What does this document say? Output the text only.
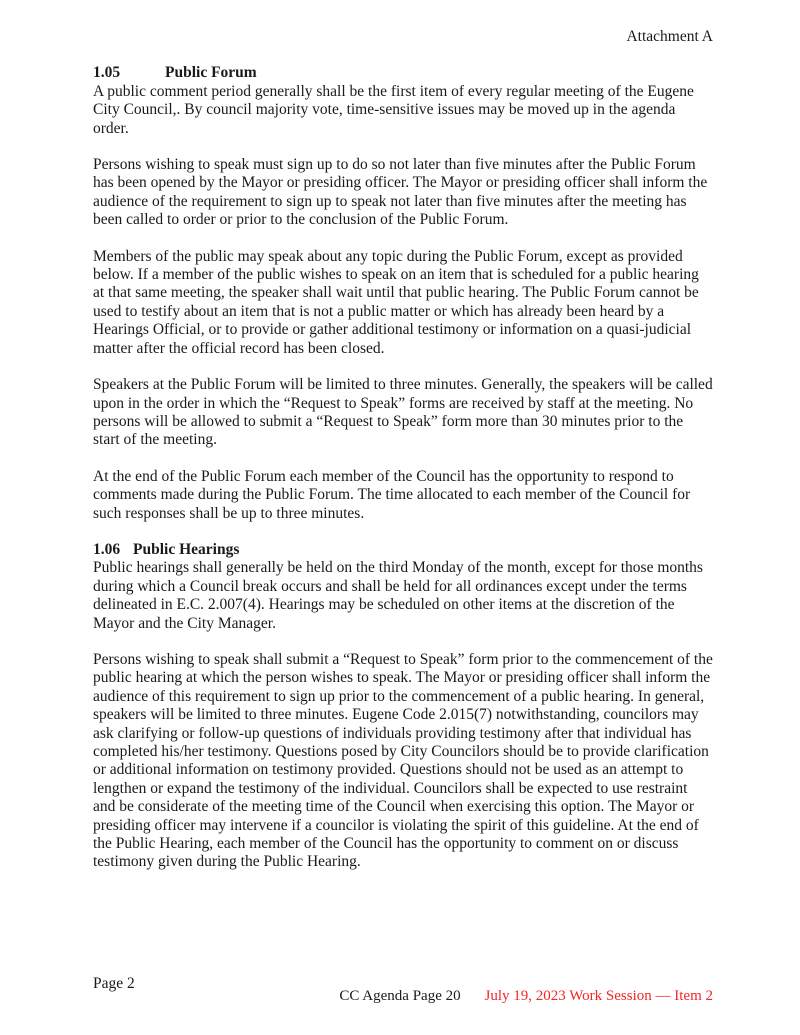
Attachment A
1.05	Public Forum

A public comment period generally shall be the first item of every regular meeting of the Eugene City Council,. By council majority vote, time-sensitive issues may be moved up in the agenda order.

Persons wishing to speak must sign up to do so not later than five minutes after the Public Forum has been opened by the Mayor or presiding officer. The Mayor or presiding officer shall inform the audience of the requirement to sign up to speak not later than five minutes after the meeting has been called to order or prior to the conclusion of the Public Forum.

Members of the public may speak about any topic during the Public Forum, except as provided below. If a member of the public wishes to speak on an item that is scheduled for a public hearing at that same meeting, the speaker shall wait until that public hearing. The Public Forum cannot be used to testify about an item that is not a public matter or which has already been heard by a Hearings Official, or to provide or gather additional testimony or information on a quasi-judicial matter after the official record has been closed.

Speakers at the Public Forum will be limited to three minutes. Generally, the speakers will be called upon in the order in which the “Request to Speak” forms are received by staff at the meeting. No persons will be allowed to submit a “Request to Speak” form more than 30 minutes prior to the start of the meeting.

At the end of the Public Forum each member of the Council has the opportunity to respond to comments made during the Public Forum. The time allocated to each member of the Council for such responses shall be up to three minutes.

1.06 Public Hearings

Public hearings shall generally be held on the third Monday of the month, except for those months during which a Council break occurs and shall be held for all ordinances except under the terms delineated in E.C. 2.007(4). Hearings may be scheduled on other items at the discretion of the Mayor and the City Manager.

Persons wishing to speak shall submit a “Request to Speak” form prior to the commencement of the public hearing at which the person wishes to speak. The Mayor or presiding officer shall inform the audience of this requirement to sign up prior to the commencement of a public hearing. In general, speakers will be limited to three minutes. Eugene Code 2.015(7) notwithstanding, councilors may ask clarifying or follow-up questions of individuals providing testimony after that individual has completed his/her testimony. Questions posed by City Councilors should be to provide clarification or additional information on testimony provided. Questions should not be used as an attempt to lengthen or expand the testimony of the individual. Councilors shall be expected to use restraint and be considerate of the meeting time of the Council when exercising this option. The Mayor or presiding officer may intervene if a councilor is violating the spirit of this guideline. At the end of the Public Hearing, each member of the Council has the opportunity to comment on or discuss testimony given during the Public Hearing.

Page 2
CC Agenda Page 20	July 19, 2023 Work Session — Item 2
